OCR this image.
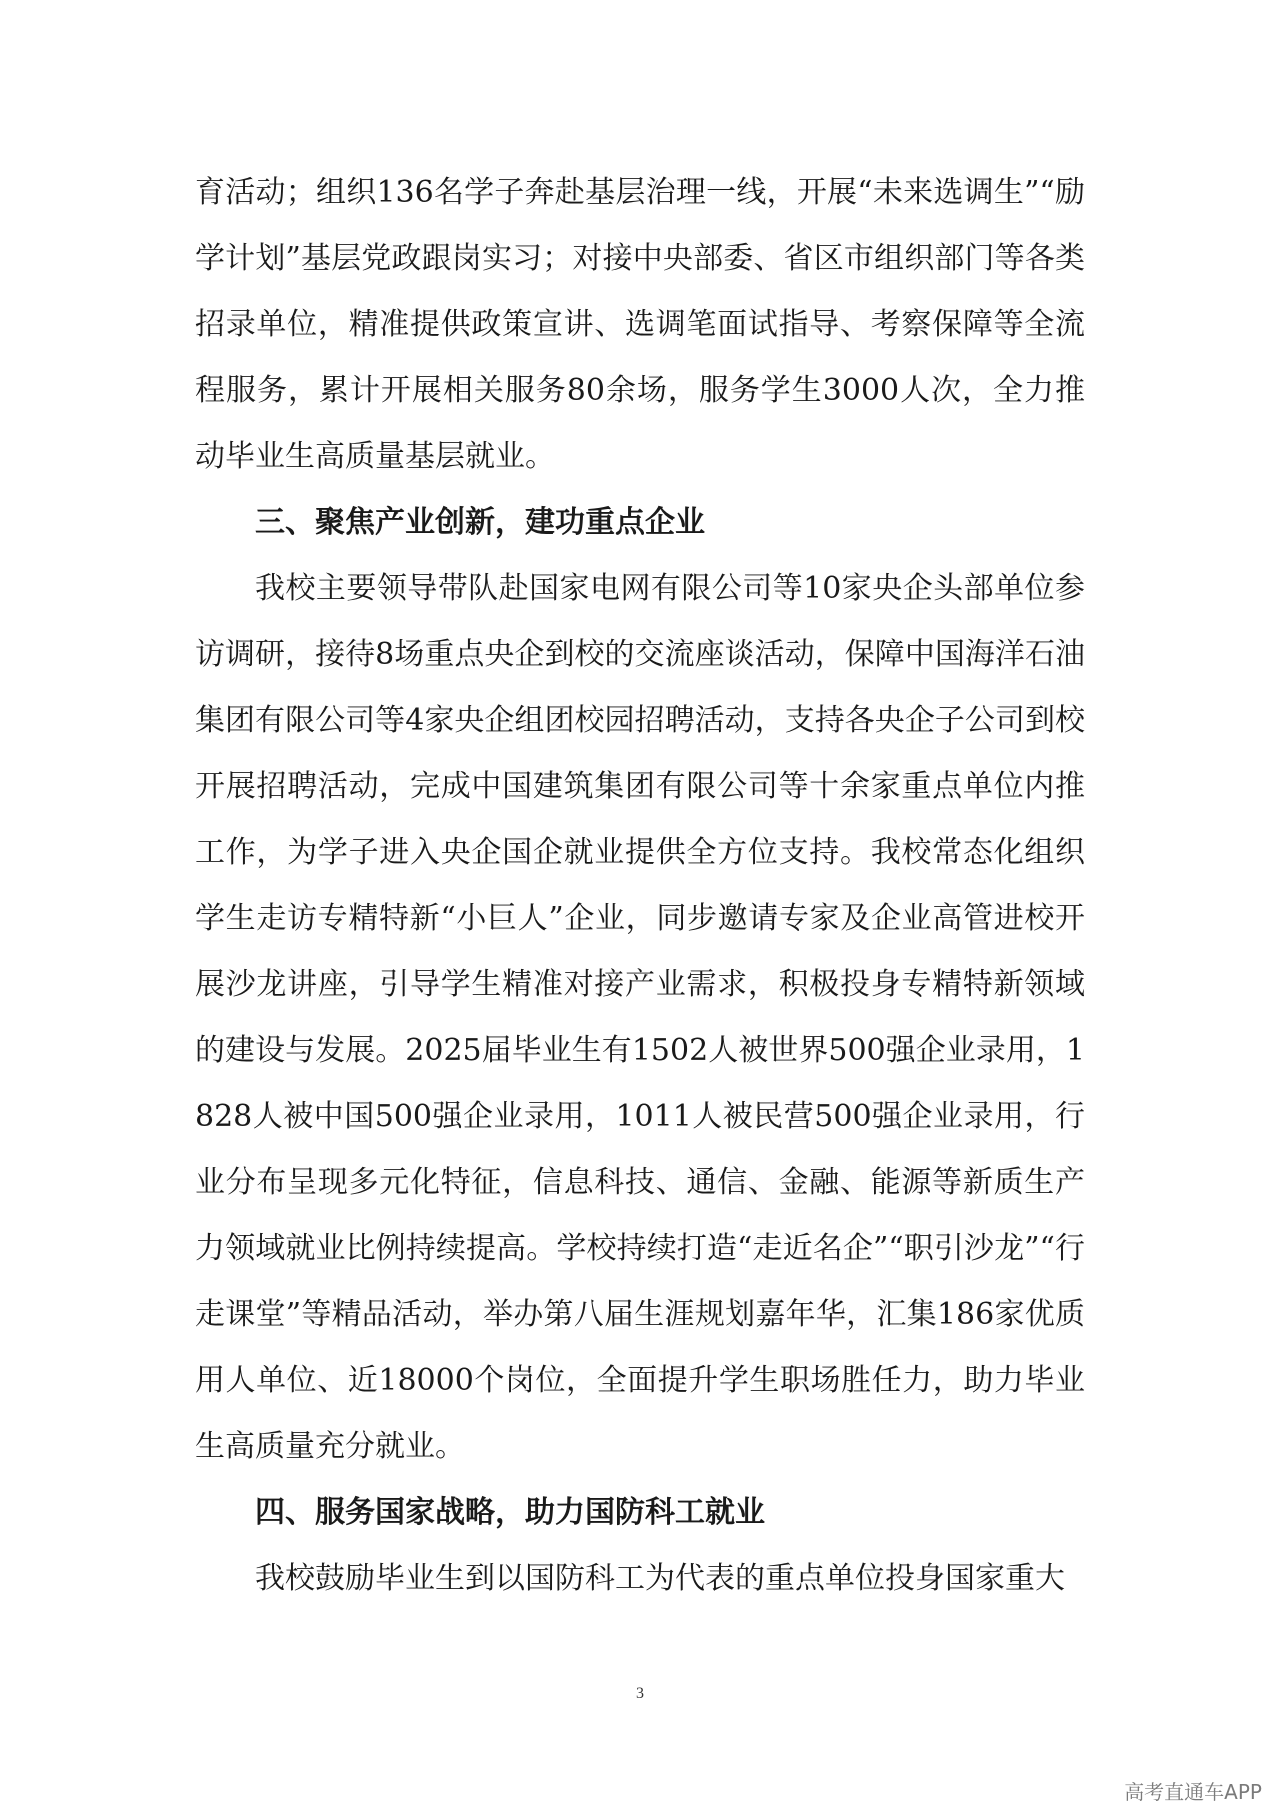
育活动；组织136名学子奔赴基层治理一线，开展“未来选调生”“励学计划”基层党政跟岗实习；对接中央部委、省区市组织部门等各类招录单位，精准提供政策宣讲、选调笔面试指导、考察保障等全流程服务，累计开展相关服务80余场，服务学生3000人次，全力推动毕业生高质量基层就业。

三、聚焦产业创新，建功重点企业

我校主要领导带队赴国家电网有限公司等10家央企头部单位参访调研，接待8场重点央企到校的交流座谈活动，保障中国海洋石油集团有限公司等4家央企组团校园招聘活动，支持各央企子公司到校开展招聘活动，完成中国建筑集团有限公司等十余家重点单位内推工作，为学子进入央企国企就业提供全方位支持。我校常态化组织学生走访专精特新“小巨人”企业，同步邀请专家及企业高管进校开展沙龙讲座，引导学生精准对接产业需求，积极投身专精特新领域的建设与发展。2025届毕业生有1502人被世界500强企业录用，1828人被中国500强企业录用，1011人被民营500强企业录用，行业分布呈现多元化特征，信息科技、通信、金融、能源等新质生产力领域就业比例持续提高。学校持续打造“走近名企”“职引沙龙”“行走课堂”等精品活动，举办第八届生涯规划嘉年华，汇集186家优质用人单位、近18000个岗位，全面提升学生职场胜任力，助力毕业生高质量充分就业。

四、服务国家战略，助力国防科工就业

我校鼓励毕业生到以国防科工为代表的重点单位投身国家重大

3
高考直通车APP
